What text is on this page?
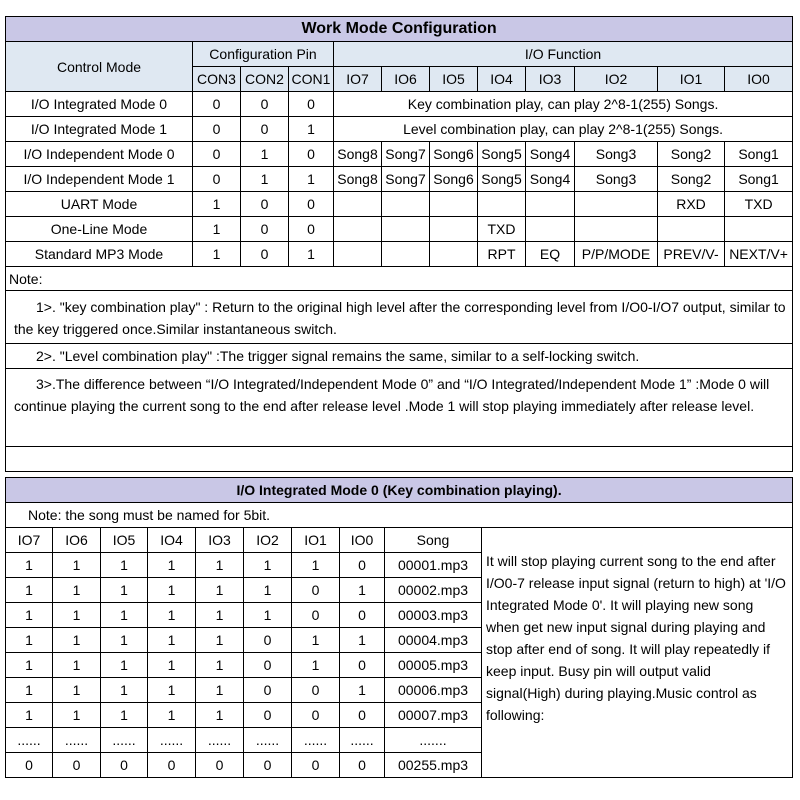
Work Mode Configuration											
Control Mode	Configuration Pin			I/O Function							
	CON3	CON2	CON1	IO7	IO6	IO5	IO4	IO3	IO2	IO1	IO0
I/O Integrated Mode 0	0	0	0	Key combination play, can play 2^8-1(255) Songs.							
I/O Integrated Mode 1	0	0	1	Level combination play, can play 2^8-1(255) Songs.							
I/O Independent Mode 0	0	1	0	Song8	Song7	Song6	Song5	Song4	Song3	Song2	Song1
I/O Independent Mode 1	0	1	1	Song8	Song7	Song6	Song5	Song4	Song3	Song2	Song1
UART Mode	1	0	0							RXD	TXD
One-Line Mode	1	0	0				TXD				
Standard MP3 Mode	1	0	1				RPT	EQ	P/P/MODE	PREV/V-	NEXT/V+
Note:											
1>. "key combination play" : Return to the original high level after the corresponding level from I/O0-I/O7 output, similar to the key triggered once.Similar instantaneous switch.											
2>. "Level combination play" :The trigger signal remains the same, similar to a self-locking switch.											
3>.The difference between “I/O Integrated/Independent Mode 0” and “I/O Integrated/Independent Mode 1” :Mode 0 will continue playing the current song to the end after release level .Mode 1 will stop playing immediately after release level.											

I/O Integrated Mode 0 (Key combination playing).									
Note: the song must be named for 5bit.									
IO7	IO6	IO5	IO4	IO3	IO2	IO1	IO0	Song	It will stop playing current song to the end after I/O0-7 release input signal (return to high) at 'I/O Integrated Mode 0'. It will playing new song when get new input signal during playing and stop after end of song. It will play repeatedly if keep input. Busy pin will output valid signal(High) during playing.Music control as following:
1	1	1	1	1	1	1	0	00001.mp3	
1	1	1	1	1	1	0	1	00002.mp3	
1	1	1	1	1	1	0	0	00003.mp3	
1	1	1	1	1	0	1	1	00004.mp3	
1	1	1	1	1	0	1	0	00005.mp3	
1	1	1	1	1	0	0	1	00006.mp3	
1	1	1	1	1	0	0	0	00007.mp3	
......	......	......	......	......	......	......	......	.......	
0	0	0	0	0	0	0	0	00255.mp3	
